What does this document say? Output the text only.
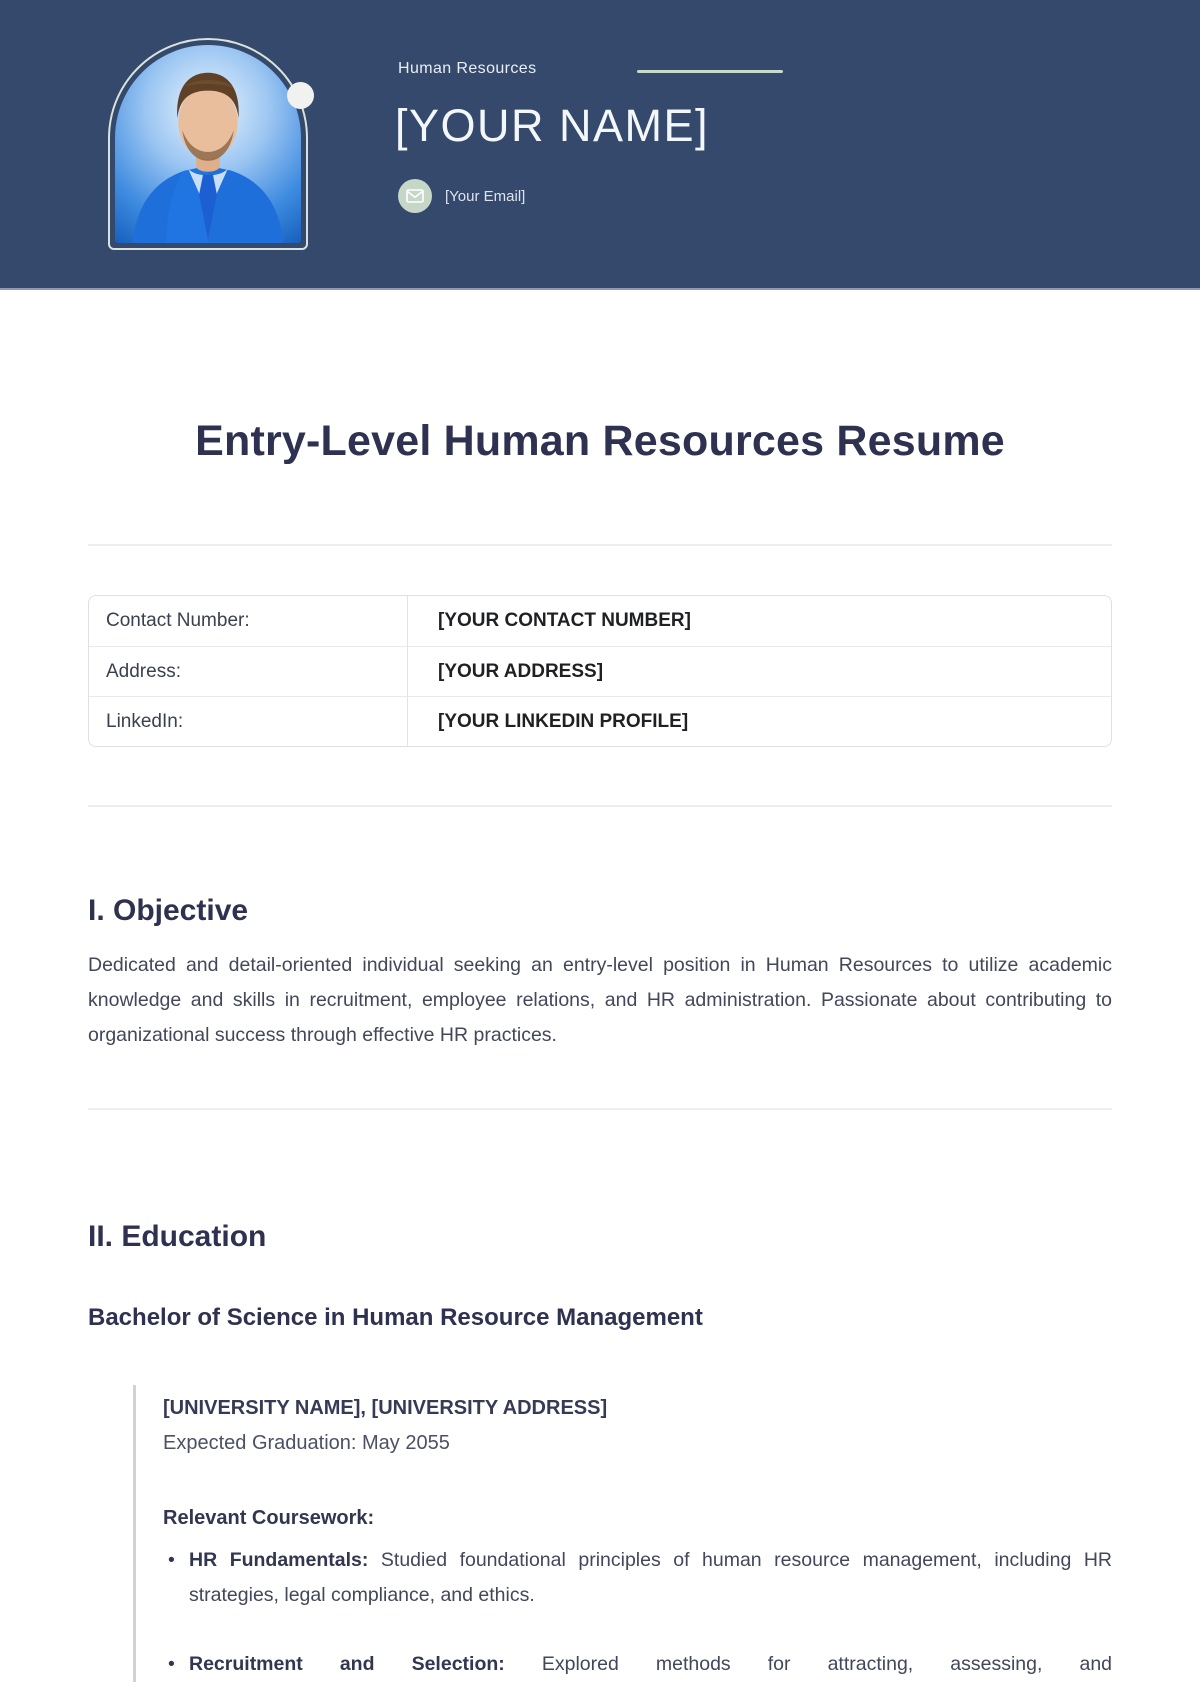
Human Resources
[YOUR NAME]
[Your Email]
Entry-Level Human Resources Resume
Contact Number:	[YOUR CONTACT NUMBER]
Address:	[YOUR ADDRESS]
LinkedIn:	[YOUR LINKEDIN PROFILE]
I. Objective

Dedicated and detail-oriented individual seeking an entry-level position in Human Resources to utilize academic knowledge and skills in recruitment, employee relations, and HR administration. Passionate about contributing to organizational success through effective HR practices.

II. Education
Bachelor of Science in Human Resource Management
[UNIVERSITY NAME], [UNIVERSITY ADDRESS]
Expected Graduation: May 2055
Relevant Coursework:
• HR Fundamentals: Studied foundational principles of human resource management, including HR strategies, legal compliance, and ethics.
• Recruitment and Selection: Explored methods for attracting, assessing, and
